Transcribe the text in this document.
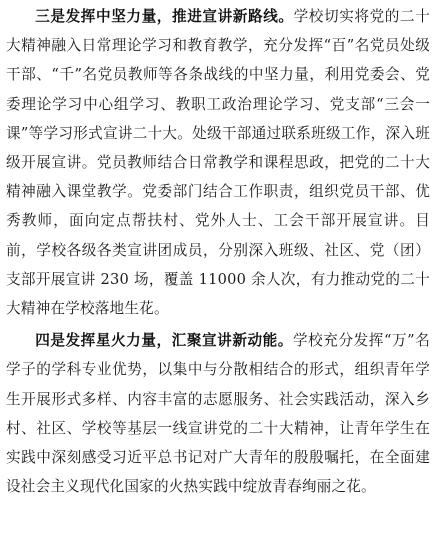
三是发挥中坚力量，推进宣讲新路线。学校切实将党的二十大精神融入日常理论学习和教育教学，充分发挥“百”名党员处级干部、“千”名党员教师等各条战线的中坚力量，利用党委会、党委理论学习中心组学习、教职工政治理论学习、党支部“三会一课”等学习形式宣讲二十大。处级干部通过联系班级工作，深入班级开展宣讲。党员教师结合日常教学和课程思政，把党的二十大精神融入课堂教学。党委部门结合工作职责，组织党员干部、优秀教师，面向定点帮扶村、党外人士、工会干部开展宣讲。目前，学校各级各类宣讲团成员，分别深入班级、社区、党（团）支部开展宣讲 230 场，覆盖 11000 余人次，有力推动党的二十大精神在学校落地生花。

四是发挥星火力量，汇聚宣讲新动能。学校充分发挥“万”名学子的学科专业优势，以集中与分散相结合的形式，组织青年学生开展形式多样、内容丰富的志愿服务、社会实践活动，深入乡村、社区、学校等基层一线宣讲党的二十大精神，让青年学生在实践中深刻感受习近平总书记对广大青年的殷殷嘱托，在全面建设社会主义现代化国家的火热实践中绽放青春绚丽之花。
